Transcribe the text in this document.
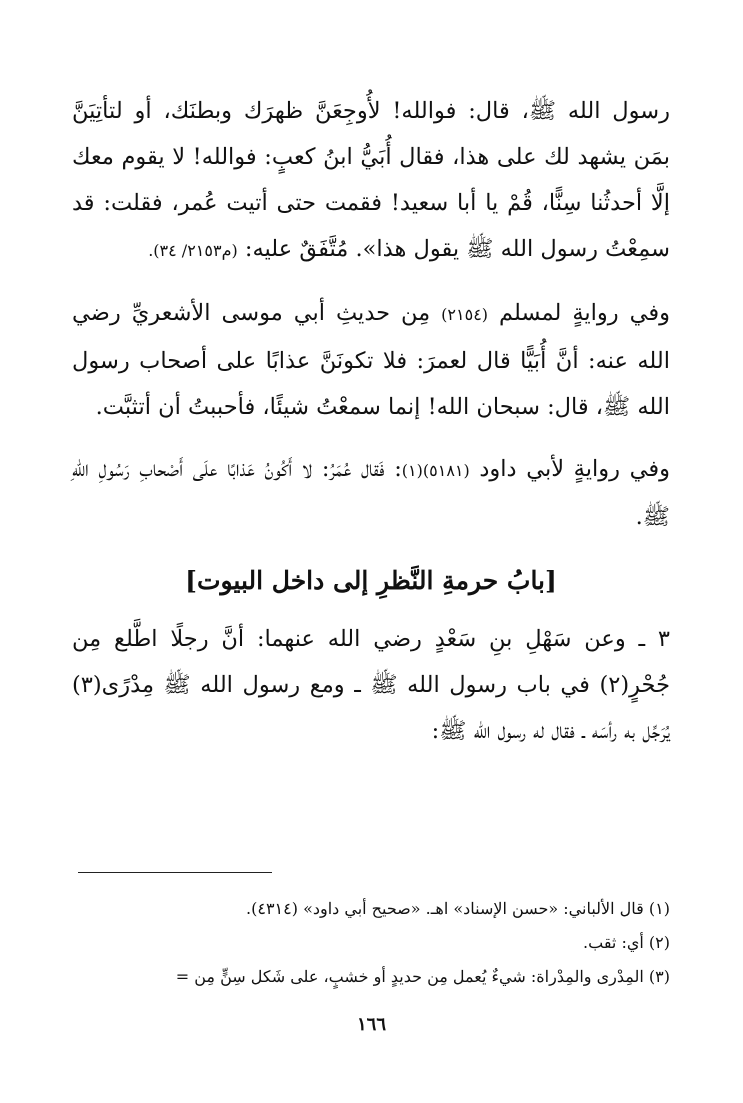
رسول الله ﷺ، قال: فوالله! لأُوجِعَنَّ ظهرَك وبطنَك، أو لتأتِيَنَّ بمَن يشهد لك على هذا، فقال أُبَيُّ ابنُ كعبٍ: فوالله! لا يقوم معك إلَّا أحدثُنا سِنًّا، قُمْ يا أبا سعيد! فقمت حتى أتيت عُمر، فقلت: قد سمِعْتُ رسول الله ﷺ يقول هذا». مُتَّفَقٌ عليه: (م٢١٥٣/ ٣٤).

وفي روايةٍ لمسلم (٢١٥٤) مِن حديثِ أبي موسى الأشعريِّ رضي الله عنه: أنَّ أُبَيًّا قال لعمرَ: فلا تكونَنَّ عذابًا على أصحاب رسول الله ﷺ، قال: سبحان الله! إنما سمعْتُ شيئًا، فأحببتُ أن أتثبَّت.

وفي روايةٍ لأبي داود (٥١٨١)(١): فَقال عُمَرُ: لا أَكُونُ عَذابًا علَى أَصْحابِ رَسُولِ اللهِ ﷺ.

[بابُ حرمةِ النَّظرِ إلى داخل البيوت]

٣ ـ وعن سَهْلِ بنِ سَعْدٍ رضي الله عنهما: أنَّ رجلًا اطَّلع مِن جُحْرٍ(٢) في باب رسول الله ﷺ ـ ومع رسول الله ﷺ مِدْرًى(٣) يُرَجِّل به رأسَه ـ فقال له رسول الله ﷺ:

(١) قال الألباني: «حسن الإسناد» اهـ. «صحيح أبي داود» (٤٣١٤).
(٢) أي: ثقب.
(٣) المِدْرى والمِدْراة: شيءٌ يُعمل مِن حديدٍ أو خشبٍ، على شَكل سِنٍّ مِن =
١٦٦
